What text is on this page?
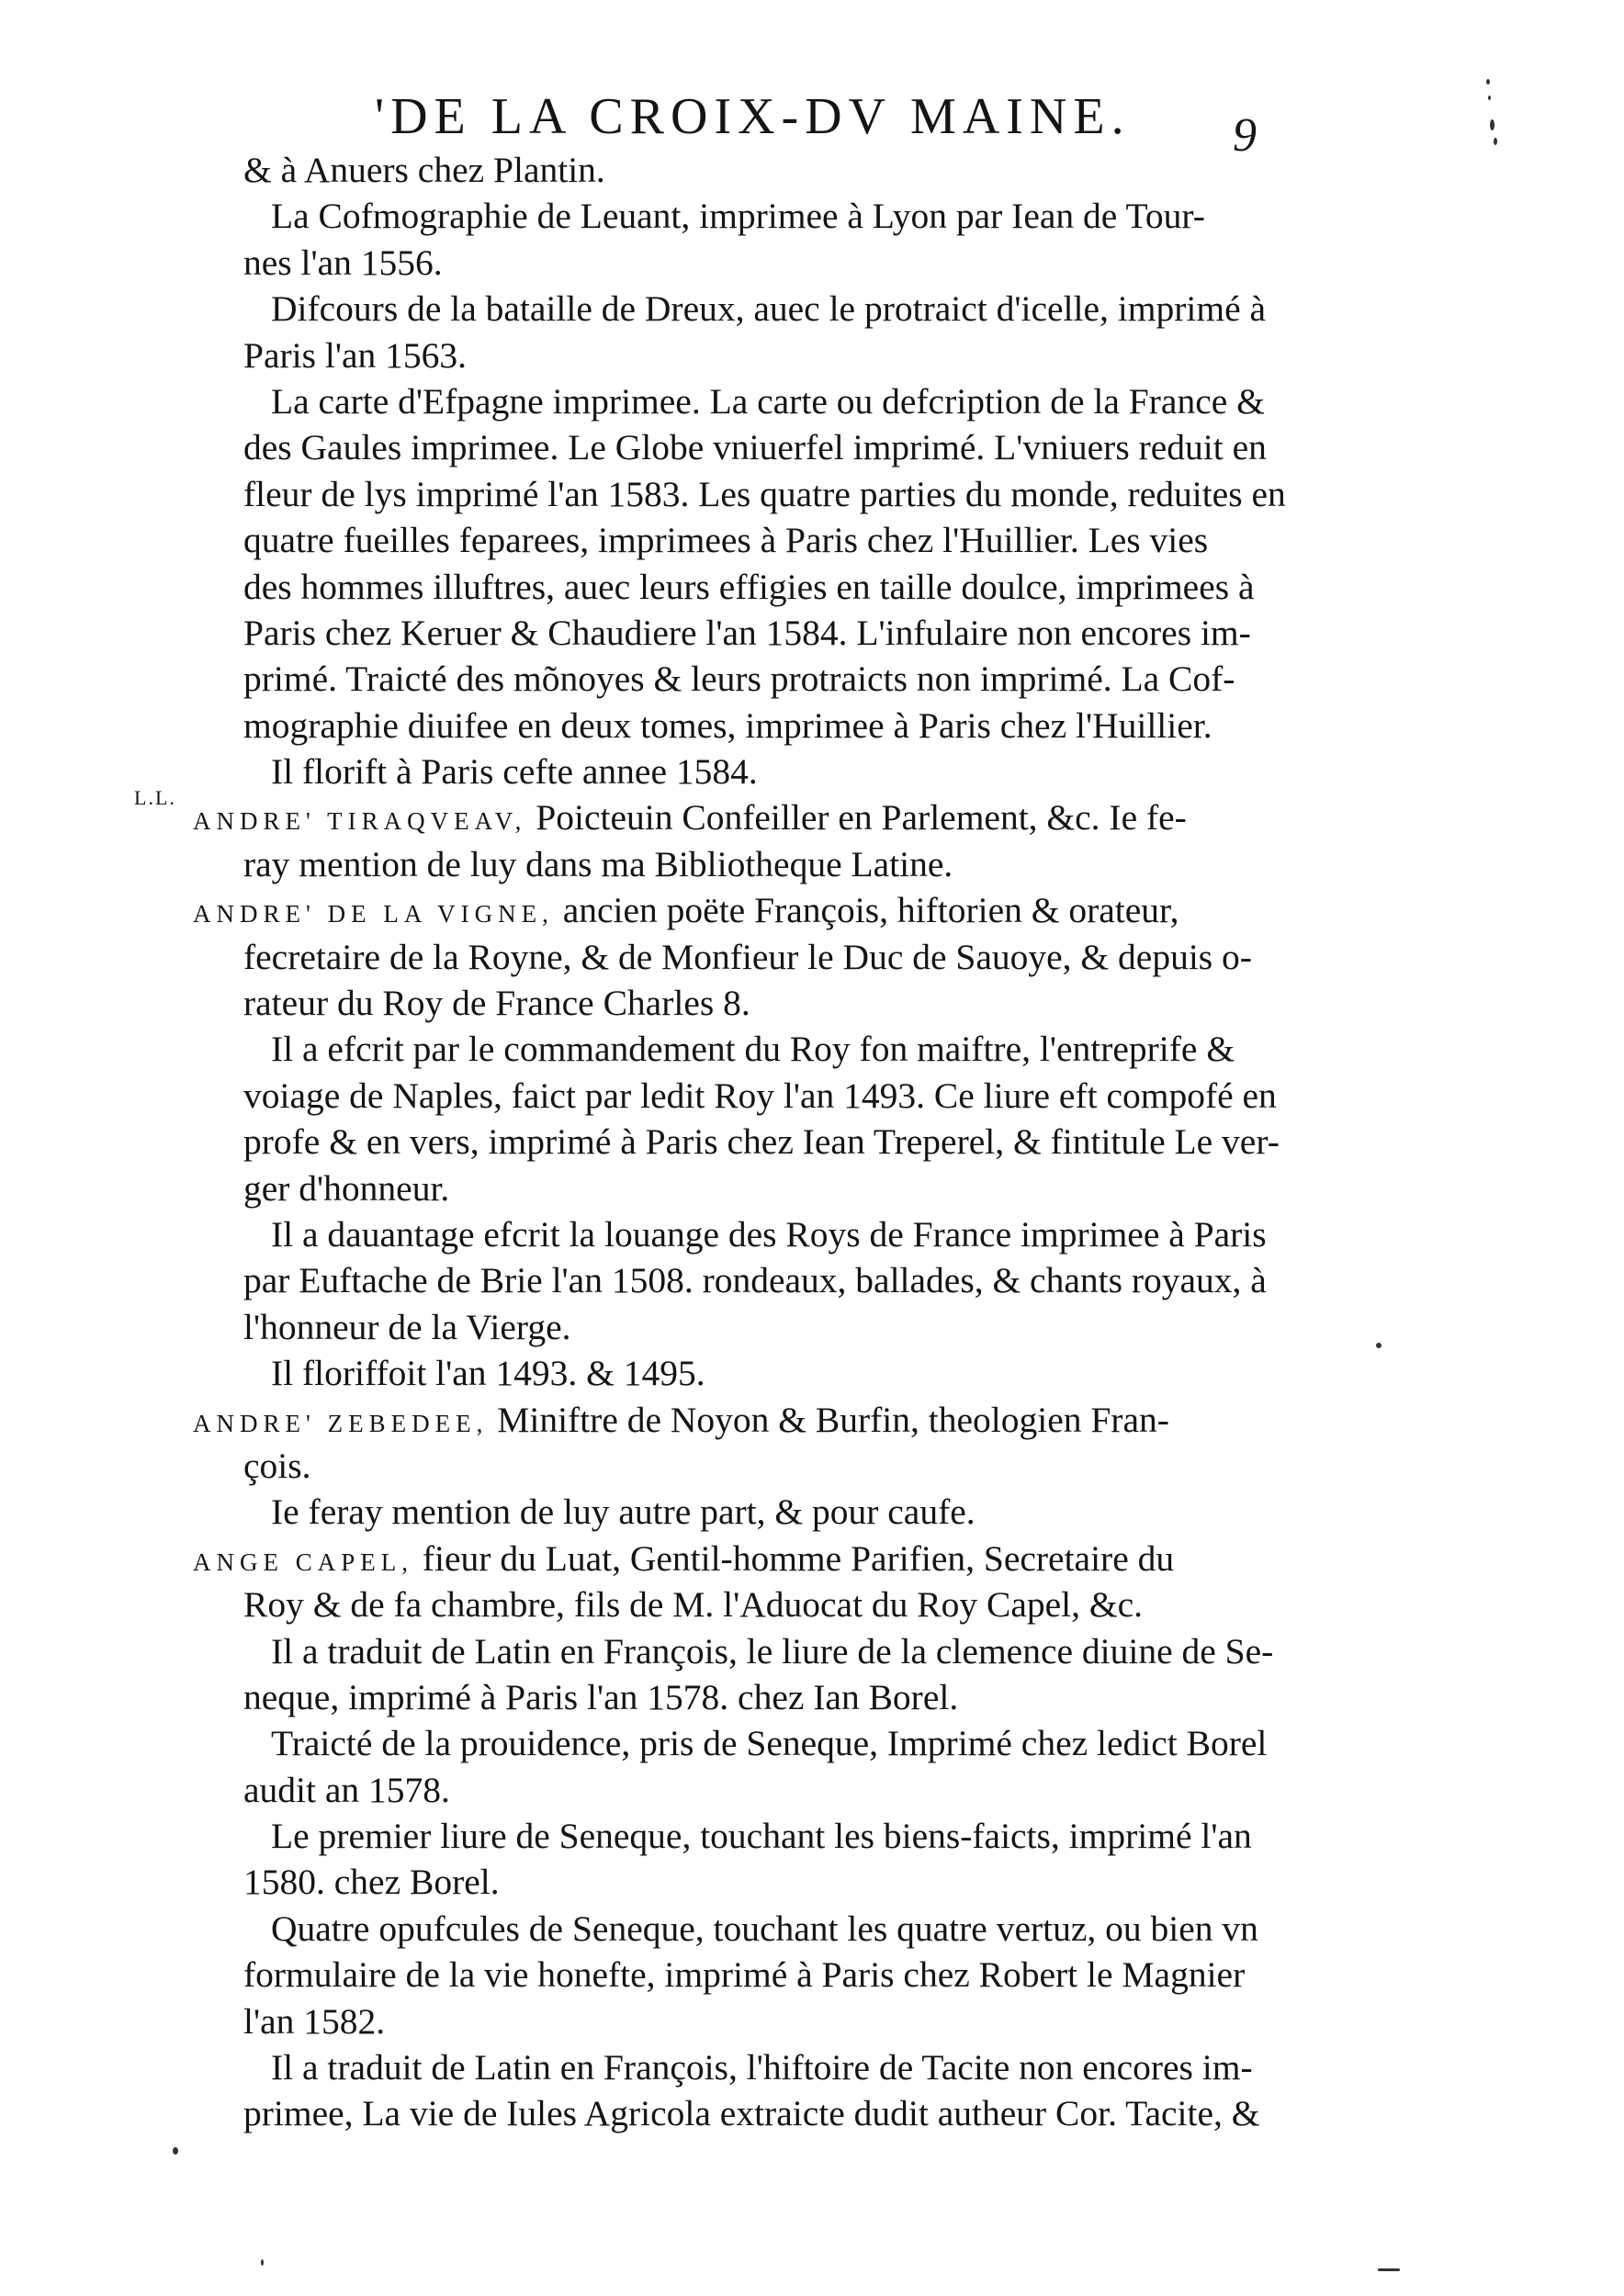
'DE LA CROIX-DV MAINE.	9
L.L.
& à Anuers chez Plantin.
La Cofmographie de Leuant, imprimee à Lyon par Iean de Tour-
nes l'an 1556.
Difcours de la bataille de Dreux, auec le protraict d'icelle, imprimé à
Paris l'an 1563.
La carte d'Efpagne imprimee. La carte ou defcription de la France &
des Gaules imprimee. Le Globe vniuerfel imprimé. L'vniuers reduit en
fleur de lys imprimé l'an 1583. Les quatre parties du monde, reduites en
quatre fueilles feparees, imprimees à Paris chez l'Huillier. Les vies
des hommes illuftres, auec leurs effigies en taille doulce, imprimees à
Paris chez Keruer & Chaudiere l'an 1584. L'infulaire non encores im-
primé. Traicté des mõnoyes & leurs protraicts non imprimé. La Cof-
mographie diuifee en deux tomes, imprimee à Paris chez l'Huillier.
Il florift à Paris cefte annee 1584.
ANDRE' TIRAQVEAV, Poicteuin Confeiller en Parlement, &c. Ie fe-
ray mention de luy dans ma Bibliotheque Latine.
ANDRE' DE LA VIGNE, ancien poëte François, hiftorien & orateur,
fecretaire de la Royne, & de Monfieur le Duc de Sauoye, & depuis o-
rateur du Roy de France Charles 8.
Il a efcrit par le commandement du Roy fon maiftre, l'entreprife &
voiage de Naples, faict par ledit Roy l'an 1493. Ce liure eft compofé en
profe & en vers, imprimé à Paris chez Iean Treperel, & fintitule Le ver-
ger d'honneur.
Il a dauantage efcrit la louange des Roys de France imprimee à Paris
par Euftache de Brie l'an 1508. rondeaux, ballades, & chants royaux, à
l'honneur de la Vierge.
Il floriffoit l'an 1493. & 1495.
ANDRE' ZEBEDEE, Miniftre de Noyon & Burfin, theologien Fran-
çois.
Ie feray mention de luy autre part, & pour caufe.
ANGE CAPEL, fieur du Luat, Gentil-homme Parifien, Secretaire du
Roy & de fa chambre, fils de M. l'Aduocat du Roy Capel, &c.
Il a traduit de Latin en François, le liure de la clemence diuine de Se-
neque, imprimé à Paris l'an 1578. chez Ian Borel.
Traicté de la prouidence, pris de Seneque, Imprimé chez ledict Borel
audit an 1578.
Le premier liure de Seneque, touchant les biens-faicts, imprimé l'an
1580. chez Borel.
Quatre opufcules de Seneque, touchant les quatre vertuz, ou bien vn
formulaire de la vie honefte, imprimé à Paris chez Robert le Magnier
l'an 1582.
Il a traduit de Latin en François, l'hiftoire de Tacite non encores im-
primee, La vie de Iules Agricola extraicte dudit autheur Cor. Tacite, &
